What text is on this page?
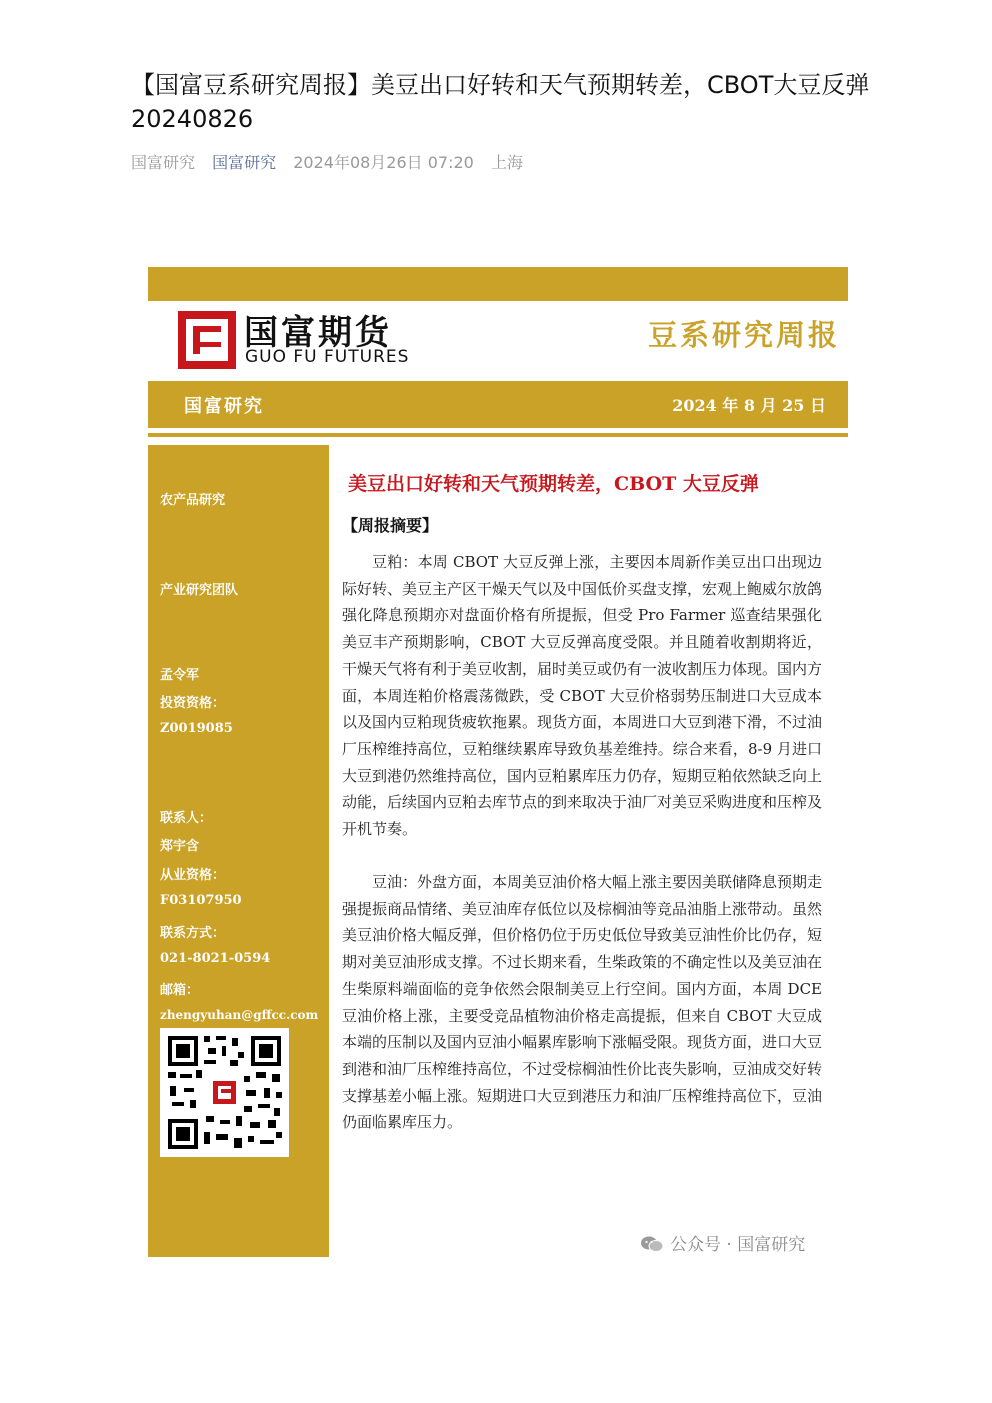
【国富豆系研究周报】美豆出口好转和天气预期转差，CBOT大豆反弹 20240826
国富研究 国富研究 2024年08月26日 07:20 上海
国富期货
GUO FU FUTURES
豆系研究周报
国富研究	2024 年 8 月 25 日
农产品研究
产业研究团队
孟令军
投资资格：
Z0019085
联系人：
郑宇含
从业资格：
F03107950
联系方式：
021-8021-0594
邮箱：
zhengyuhan@gffcc.com
美豆出口好转和天气预期转差，CBOT 大豆反弹
【周报摘要】

豆粕：本周 CBOT 大豆反弹上涨，主要因本周新作美豆出口出现边际好转、美豆主产区干燥天气以及中国低价买盘支撑，宏观上鲍威尔放鸽强化降息预期亦对盘面价格有所提振，但受 Pro Farmer 巡查结果强化美豆丰产预期影响，CBOT 大豆反弹高度受限。并且随着收割期将近，干燥天气将有利于美豆收割，届时美豆或仍有一波收割压力体现。国内方面，本周连粕价格震荡微跌，受 CBOT 大豆价格弱势压制进口大豆成本以及国内豆粕现货疲软拖累。现货方面，本周进口大豆到港下滑，不过油厂压榨维持高位，豆粕继续累库导致负基差维持。综合来看，8-9 月进口大豆到港仍然维持高位，国内豆粕累库压力仍存，短期豆粕依然缺乏向上动能，后续国内豆粕去库节点的到来取决于油厂对美豆采购进度和压榨及开机节奏。

豆油：外盘方面，本周美豆油价格大幅上涨主要因美联储降息预期走强提振商品情绪、美豆油库存低位以及棕榈油等竞品油脂上涨带动。虽然美豆油价格大幅反弹，但价格仍位于历史低位导致美豆油性价比仍存，短期对美豆油形成支撑。不过长期来看，生柴政策的不确定性以及美豆油在生柴原料端面临的竞争依然会限制美豆上行空间。国内方面，本周 DCE 豆油价格上涨，主要受竞品植物油价格走高提振，但来自 CBOT 大豆成本端的压制以及国内豆油小幅累库影响下涨幅受限。现货方面，进口大豆到港和油厂压榨维持高位，不过受棕榈油性价比丧失影响，豆油成交好转支撑基差小幅上涨。短期进口大豆到港压力和油厂压榨维持高位下，豆油仍面临累库压力。

公众号 · 国富研究
